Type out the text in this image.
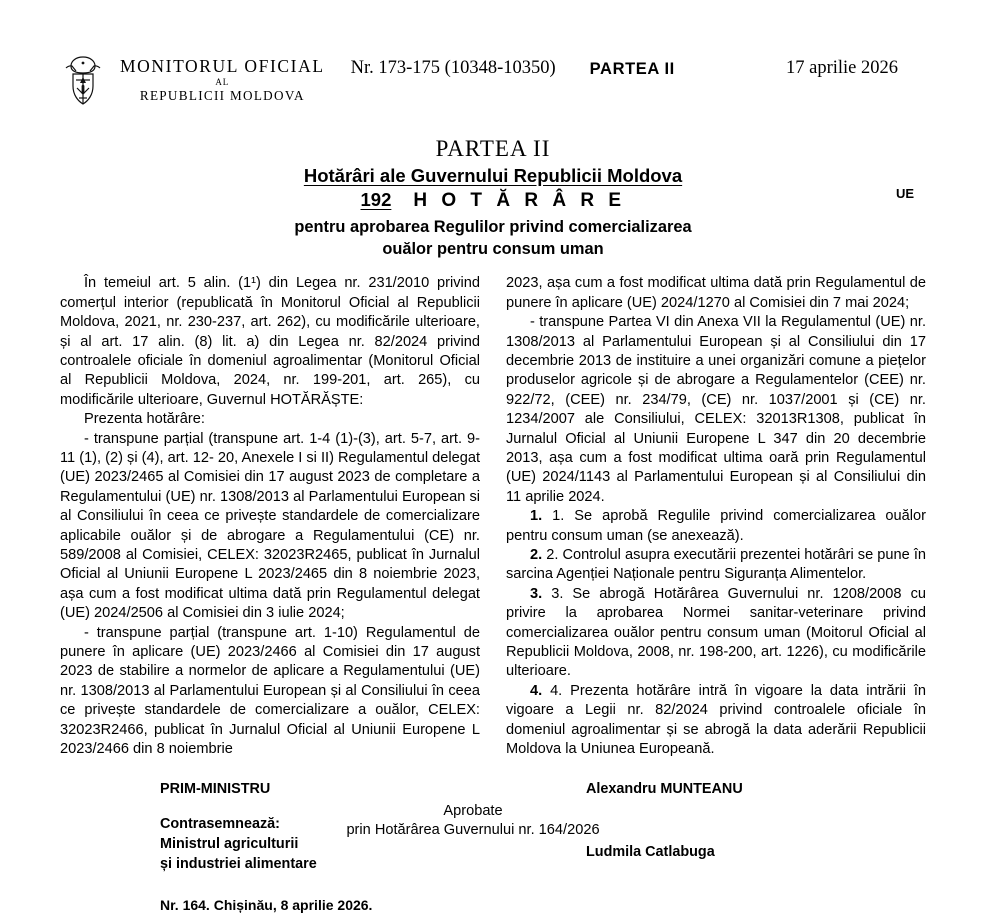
MONITORUL OFICIAL
AL
REPUBLICII MOLDOVA
Nr. 173-175 (10348-10350) PARTEA II	17 aprilie 2026
PARTEA II
Hotărâri ale Guvernului Republicii Moldova
192 H O T Ă R Â R E	UE
pentru aprobarea Regulilor privind comercializarea
ouălor pentru consum uman

În temeiul art. 5 alin. (1¹) din Legea nr. 231/2010 privind comerțul interior (republicată în Monitorul Oficial al Republicii Moldova, 2021, nr. 230-237, art. 262), cu modificările ulterioare, și al art. 17 alin. (8) lit. a) din Legea nr. 82/2024 privind controalele oficiale în domeniul agroalimentar (Monitorul Oficial al Republicii Moldova, 2024, nr. 199-201, art. 265), cu modificările ulterioare, Guvernul HOTĂRĂȘTE:

Prezenta hotărâre:

- transpune parțial (transpune art. 1-4 (1)-(3), art. 5-7, art. 9-11 (1), (2) și (4), art. 12- 20, Anexele I si II) Regulamentul delegat (UE) 2023/2465 al Comisiei din 17 august 2023 de completare a Regulamentului (UE) nr. 1308/2013 al Parlamentului European si al Consiliului în ceea ce privește standardele de comercializare aplicabile ouălor și de abrogare a Regulamentului (CE) nr. 589/2008 al Comisiei, CELEX: 32023R2465, publicat în Jurnalul Oficial al Uniunii Europene L 2023/2465 din 8 noiembrie 2023, așa cum a fost modificat ultima dată prin Regulamentul delegat (UE) 2024/2506 al Comisiei din 3 iulie 2024;

- transpune parțial (transpune art. 1-10) Regulamentul de punere în aplicare (UE) 2023/2466 al Comisiei din 17 august 2023 de stabilire a normelor de aplicare a Regulamentului (UE) nr. 1308/2013 al Parlamentului European și al Consiliului în ceea ce privește standardele de comercializare a ouălor, CELEX: 32023R2466, publicat în Jurnalul Oficial al Uniunii Europene L 2023/2466 din 8 noiembrie

2023, așa cum a fost modificat ultima dată prin Regulamentul de punere în aplicare (UE) 2024/1270 al Comisiei din 7 mai 2024;

- transpune Partea VI din Anexa VII la Regulamentul (UE) nr. 1308/2013 al Parlamentului European și al Consiliului din 17 decembrie 2013 de instituire a unei organizări comune a piețelor produselor agricole și de abrogare a Regulamentelor (CEE) nr. 922/72, (CEE) nr. 234/79, (CE) nr. 1037/2001 și (CE) nr. 1234/2007 ale Consiliului, CELEX: 32013R1308, publicat în Jurnalul Oficial al Uniunii Europene L 347 din 20 decembrie 2013, așa cum a fost modificat ultima oară prin Regulamentul (UE) 2024/1143 al Parlamentului European și al Consiliului din 11 aprilie 2024.

1. 1. Se aprobă Regulile privind comercializarea ouălor pentru consum uman (se anexează).

2. 2. Controlul asupra executării prezentei hotărâri se pune în sarcina Agenției Naționale pentru Siguranța Alimentelor.

3. 3. Se abrogă Hotărârea Guvernului nr. 1208/2008 cu privire la aprobarea Normei sanitar-veterinare privind comercializarea ouălor pentru consum uman (Moitorul Oficial al Republicii Moldova, 2008, nr. 198-200, art. 1226), cu modificările ulterioare.

4. 4. Prezenta hotărâre intră în vigoare la data intrării în vigoare a Legii nr. 82/2024 privind controalele oficiale în domeniul agroalimentar și se abrogă la data aderării Republicii Moldova la Uniunea Europeană.

PRIM-MINISTRU
Contrasemnează:
Ministrul agriculturii
și industriei alimentare
Nr. 164. Chișinău, 8 aprilie 2026.
Alexandru MUNTEANU
Ludmila Catlabuga
Aprobate
prin Hotărârea Guvernului nr. 164/2026
